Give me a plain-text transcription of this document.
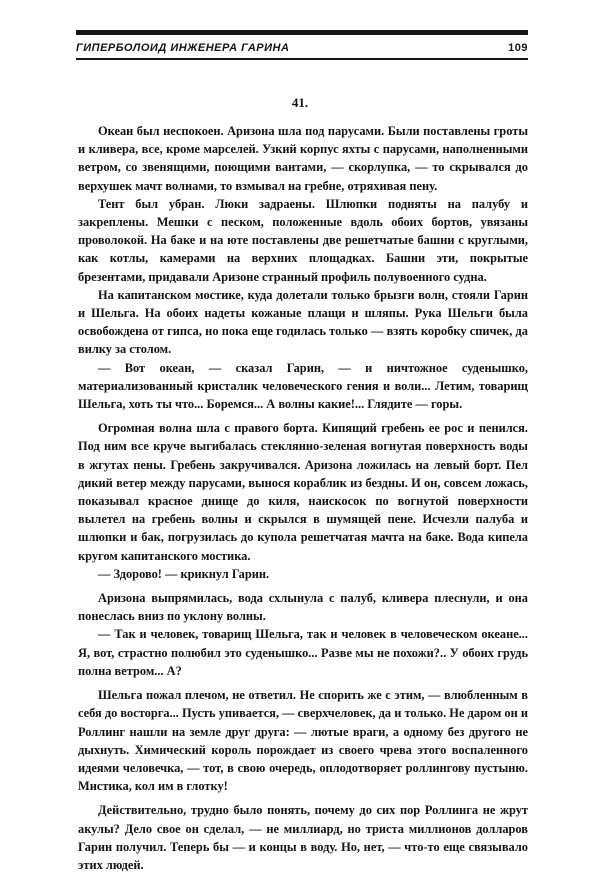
ГИПЕРБОЛОИД ИНЖЕНЕРА ГАРИНА	109
41.

Океан был неспокоен. Аризона шла под парусами. Были поставлены гроты и кливера, все, кроме марселей. Узкий корпус яхты с парусами, наполненными ветром, со звенящими, поющими вантами, — скорлупка, — то скрывался до верхушек мачт волнами, то взмывал на гребне, отряхивая пену.

Тент был убран. Люки задраены. Шлюпки подняты на палубу и закреплены. Мешки с песком, положенные вдоль обоих бортов, увязаны проволокой. На баке и на юте поставлены две решетчатые башни с круглыми, как котлы, камерами на верхних площадках. Башни эти, покрытые брезентами, придавали Аризоне странный профиль полувоенного судна.

На капитанском мостике, куда долетали только брызги волн, стояли Гарин и Шельга. На обоих надеты кожаные плащи и шляпы. Рука Шельги была освобождена от гипса, но пока еще годилась только — взять коробку спичек, да вилку за столом.

— Вот океан, — сказал Гарин, — и ничтожное суденышко, материализованный кристалик человеческого гения и воли... Летим, товарищ Шельга, хоть ты что... Боремся... А волны какие!... Глядите — горы.

Огромная волна шла с правого борта. Кипящий гребень ее рос и пенился. Под ним все круче выгибалась стеклянно-зеленая вогнутая поверхность воды в жгутах пены. Гребень закручивался. Аризона ложилась на левый борт. Пел дикий ветер между парусами, вынося кораблик из бездны. И он, совсем ложась, показывал красное днище до киля, наискосок по вогнутой поверхности вылетел на гребень волны и скрылся в шумящей пене. Исчезли палуба и шлюпки и бак, погрузилась до купола решетчатая мачта на баке. Вода кипела кругом капитанского мостика.

— Здорово! — крикнул Гарин.

Аризона выпрямилась, вода схлынула с палуб, кливера плеснули, и она понеслась вниз по уклону волны.

— Так и человек, товарищ Шельга, так и человек в человеческом океане... Я, вот, страстно полюбил это суденышко... Разве мы не похожи?.. У обоих грудь полна ветром... А?

Шельга пожал плечом, не ответил. Не спорить же с этим, — влюбленным в себя до восторга... Пусть упивается, — сверхчеловек, да и только. Не даром он и Роллинг нашли на земле друг друга: — лютые враги, а одному без другого не дыхнуть. Химический король порождает из своего чрева этого воспаленного идеями человечка, — тот, в свою очередь, оплодотворяет роллингову пустыню. Мистика, кол им в глотку!

Действительно, трудно было понять, почему до сих пор Роллинга не жрут акулы? Дело свое он сделал, — не миллиард, но триста миллионов долларов Гарин получил. Теперь бы — и концы в воду. Но, нет, — что-то еще связывало этих людей.
